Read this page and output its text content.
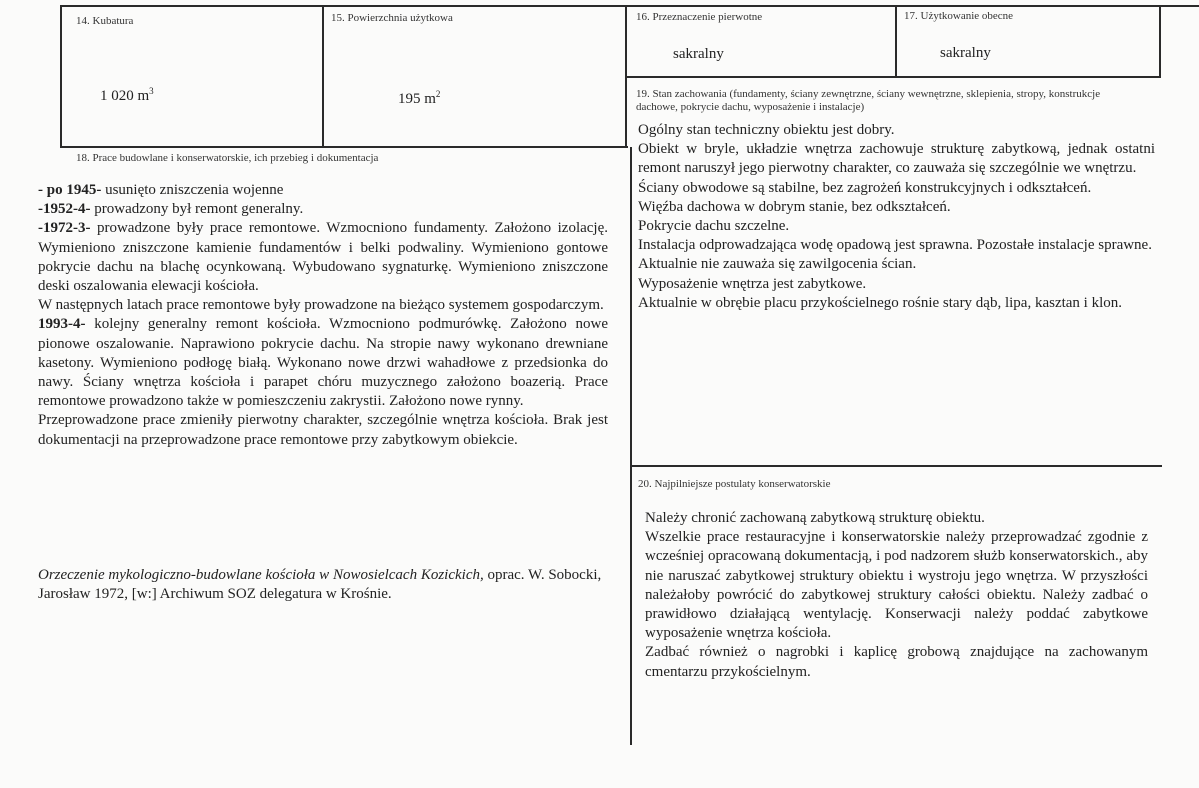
14. Kubatura
1 020 $m^3$
15. Powierzchnia użytkowa
195 $m^2$
16. Przeznaczenie pierwotne
sakralny
17. Użytkowanie obecne
sakralny
18. Prace budowlane i konserwatorskie, ich przebieg i dokumentacja

- po 1945- usunięto zniszczenia wojenne

-1952-4- prowadzony był remont generalny.

-1972-3- prowadzone były prace remontowe. Wzmocniono fundamenty. Założono izolację. Wymieniono zniszczone kamienie fundamentów i belki podwaliny. Wymieniono gontowe pokrycie dachu na blachę ocynkowaną. Wybudowano sygnaturkę. Wymieniono zniszczone deski oszalowania elewacji kościoła.

W następnych latach prace remontowe były prowadzone na bieżąco systemem gospodarczym.

1993-4- kolejny generalny remont kościoła. Wzmocniono podmurówkę. Założono nowe pionowe oszalowanie. Naprawiono pokrycie dachu. Na stropie nawy wykonano drewniane kasetony. Wymieniono podłogę białą. Wykonano nowe drzwi wahadłowe z przedsionka do nawy. Ściany wnętrza kościoła i parapet chóru muzycznego założono boazerią. Prace remontowe prowadzono także w pomieszczeniu zakrystii. Założono nowe rynny.

Przeprowadzone prace zmieniły pierwotny charakter, szczególnie wnętrza kościoła. Brak jest dokumentacji na przeprowadzone prace remontowe przy zabytkowym obiekcie.

Orzeczenie mykologiczno-budowlane kościoła w Nowosielcach Kozickich, oprac. W. Sobocki, Jarosław 1972, [w:] Archiwum SOZ delegatura w Krośnie.

19. Stan zachowania (fundamenty, ściany zewnętrzne, ściany wewnętrzne, sklepienia, stropy, konstrukcje dachowe, pokrycie dachu, wyposażenie i instalacje)

Ogólny stan techniczny obiektu jest dobry.

Obiekt w bryle, układzie wnętrza zachowuje strukturę zabytkową, jednak ostatni remont naruszył jego pierwotny charakter, co zauważa się szczególnie we wnętrzu.

Ściany obwodowe są stabilne, bez zagrożeń konstrukcyjnych i odkształceń.

Więźba dachowa w dobrym stanie, bez odkształceń.

Pokrycie dachu szczelne.

Instalacja odprowadzająca wodę opadową jest sprawna. Pozostałe instalacje sprawne.

Aktualnie nie zauważa się zawilgocenia ścian.

Wyposażenie wnętrza jest zabytkowe.

Aktualnie w obrębie placu przykościelnego rośnie stary dąb, lipa, kasztan i klon.

20. Najpilniejsze postulaty konserwatorskie

Należy chronić zachowaną zabytkową strukturę obiektu.

Wszelkie prace restauracyjne i konserwatorskie należy przeprowadzać zgodnie z wcześniej opracowaną dokumentacją, i pod nadzorem służb konserwatorskich., aby nie naruszać zabytkowej struktury obiektu i wystroju jego wnętrza. W przyszłości należałoby powrócić do zabytkowej struktury całości obiektu. Należy zadbać o prawidłowo działającą wentylację. Konserwacji należy poddać zabytkowe wyposażenie wnętrza kościoła.

Zadbać również o nagrobki i kaplicę grobową znajdujące na zachowanym cmentarzu przykościelnym.
